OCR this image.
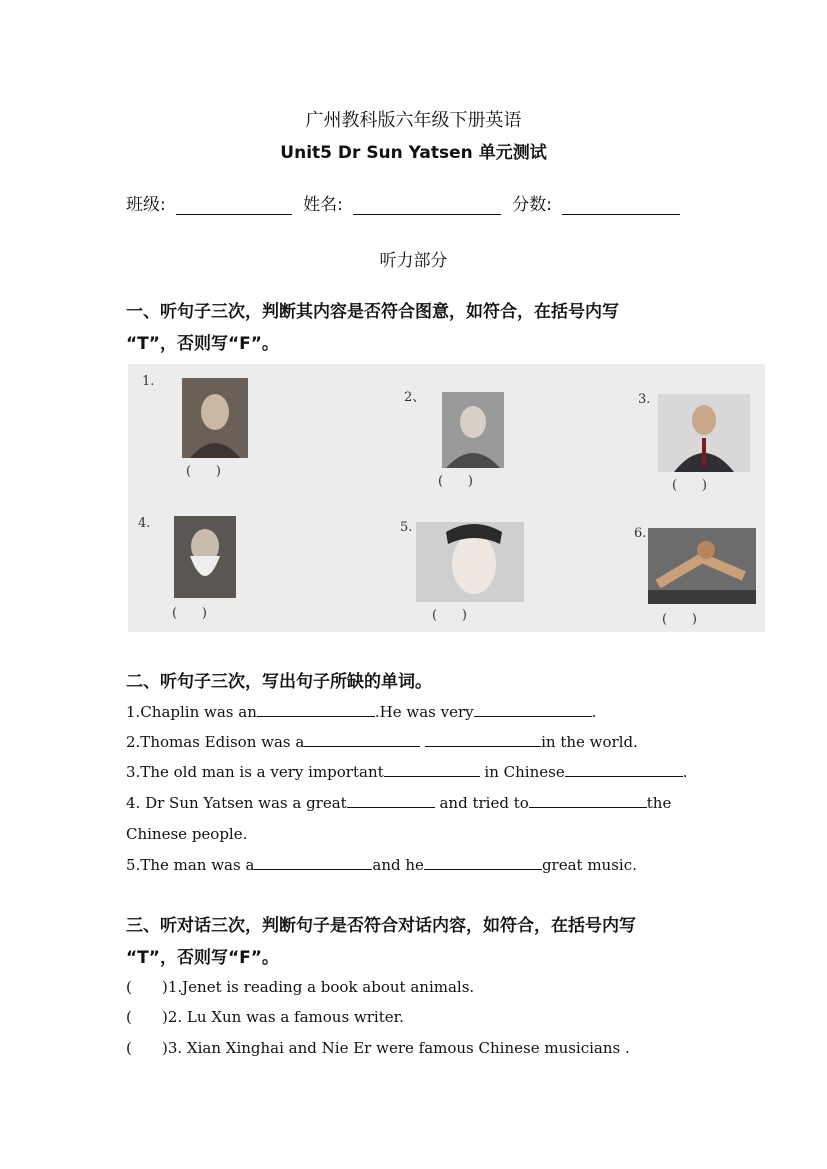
广州教科版六年级下册英语
Unit5 Dr Sun Yatsen 单元测试
班级:	姓名:	分数:
听力部分
一、听句子三次，判断其内容是否符合图意，如符合，在括号内写
“T”，否则写“F”。
1.
(      )
2、
(      )
3.
(      )
4.
(      )
5.
(      )
6.
(      )
二、听句子三次，写出句子所缺的单词。
1.Chaplin was an	.He was very	.
2.Thomas Edison was a	in the world.
3.The old man is a very important	in Chinese	.
4. Dr Sun Yatsen was a great	and tried to	the
Chinese people.
5.The man was a	and he	great music.
三、听对话三次，判断句子是否符合对话内容，如符合，在括号内写
“T”，否则写“F”。
( )1.Jenet is reading a book about animals.
( )2. Lu Xun was a famous writer.
( )3. Xian Xinghai and Nie Er were famous Chinese musicians .
